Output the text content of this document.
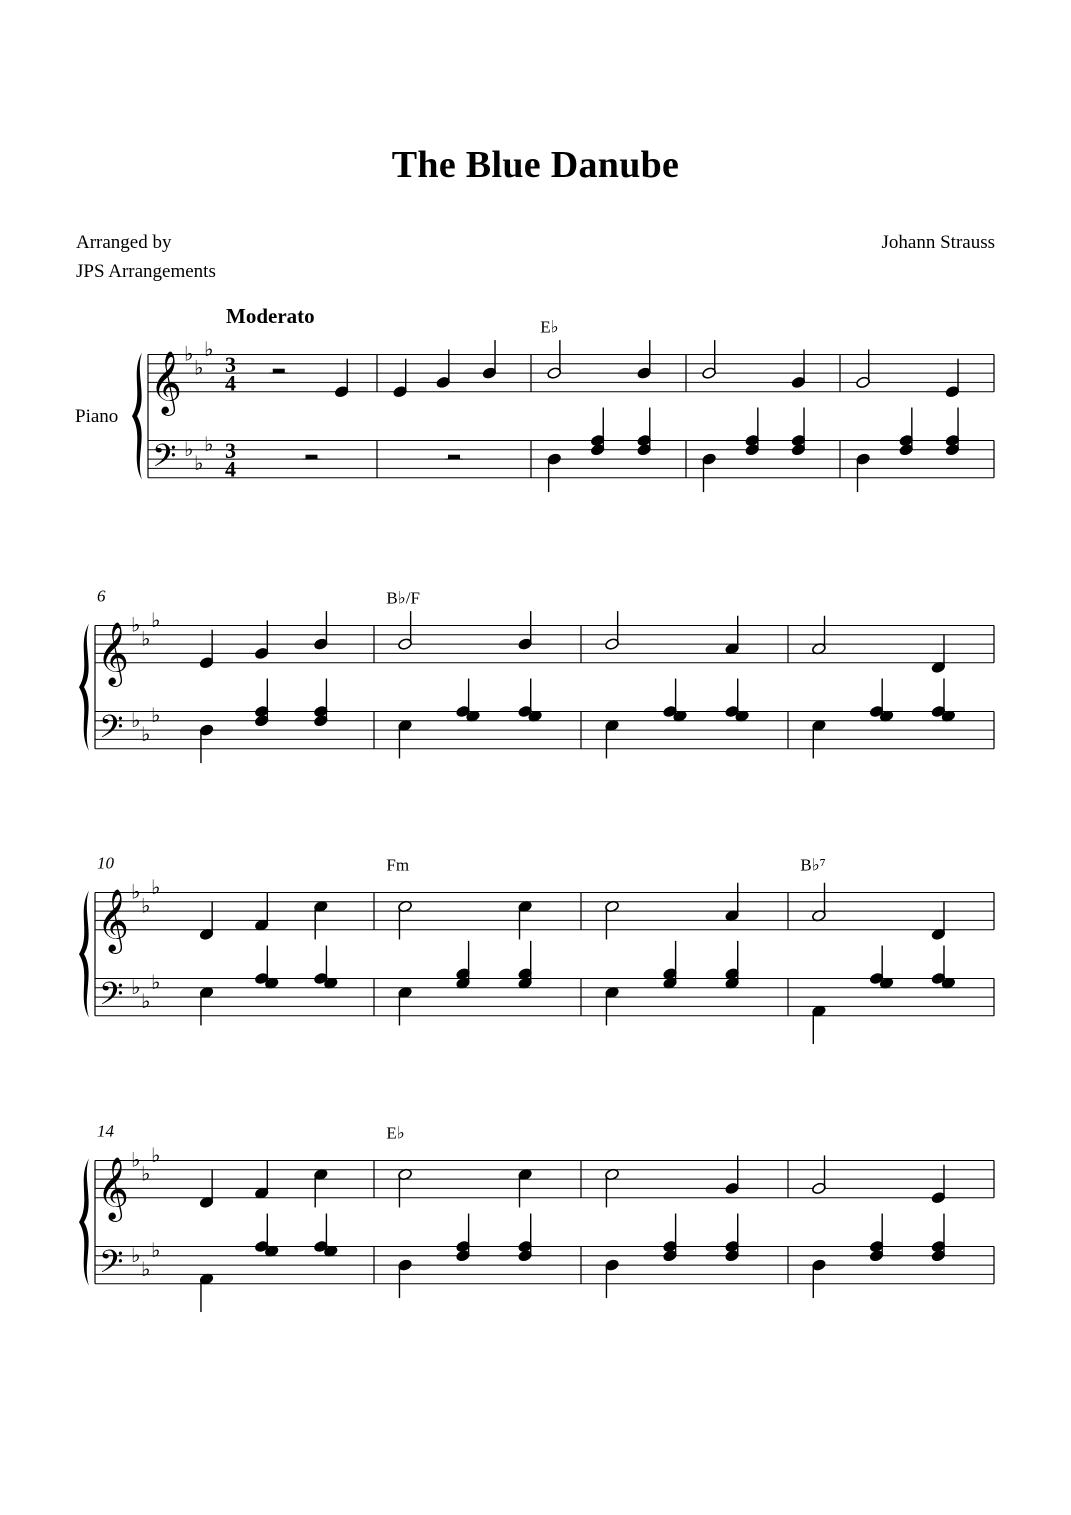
The Blue Danube
Arranged by
JPS Arrangements
Johann Strauss
Moderato
Piano
𝄞
𝄢
♭
♭
♭
♭
♭
♭
3
4
3
4
E♭
𝄞
𝄢
♭
♭
♭
♭
♭
♭
6	B♭/F
𝄞
𝄢
♭
♭
♭
♭
♭
♭
10	Fm	B♭⁷
𝄞
𝄢
♭
♭
♭
♭
♭
♭
14	E♭
